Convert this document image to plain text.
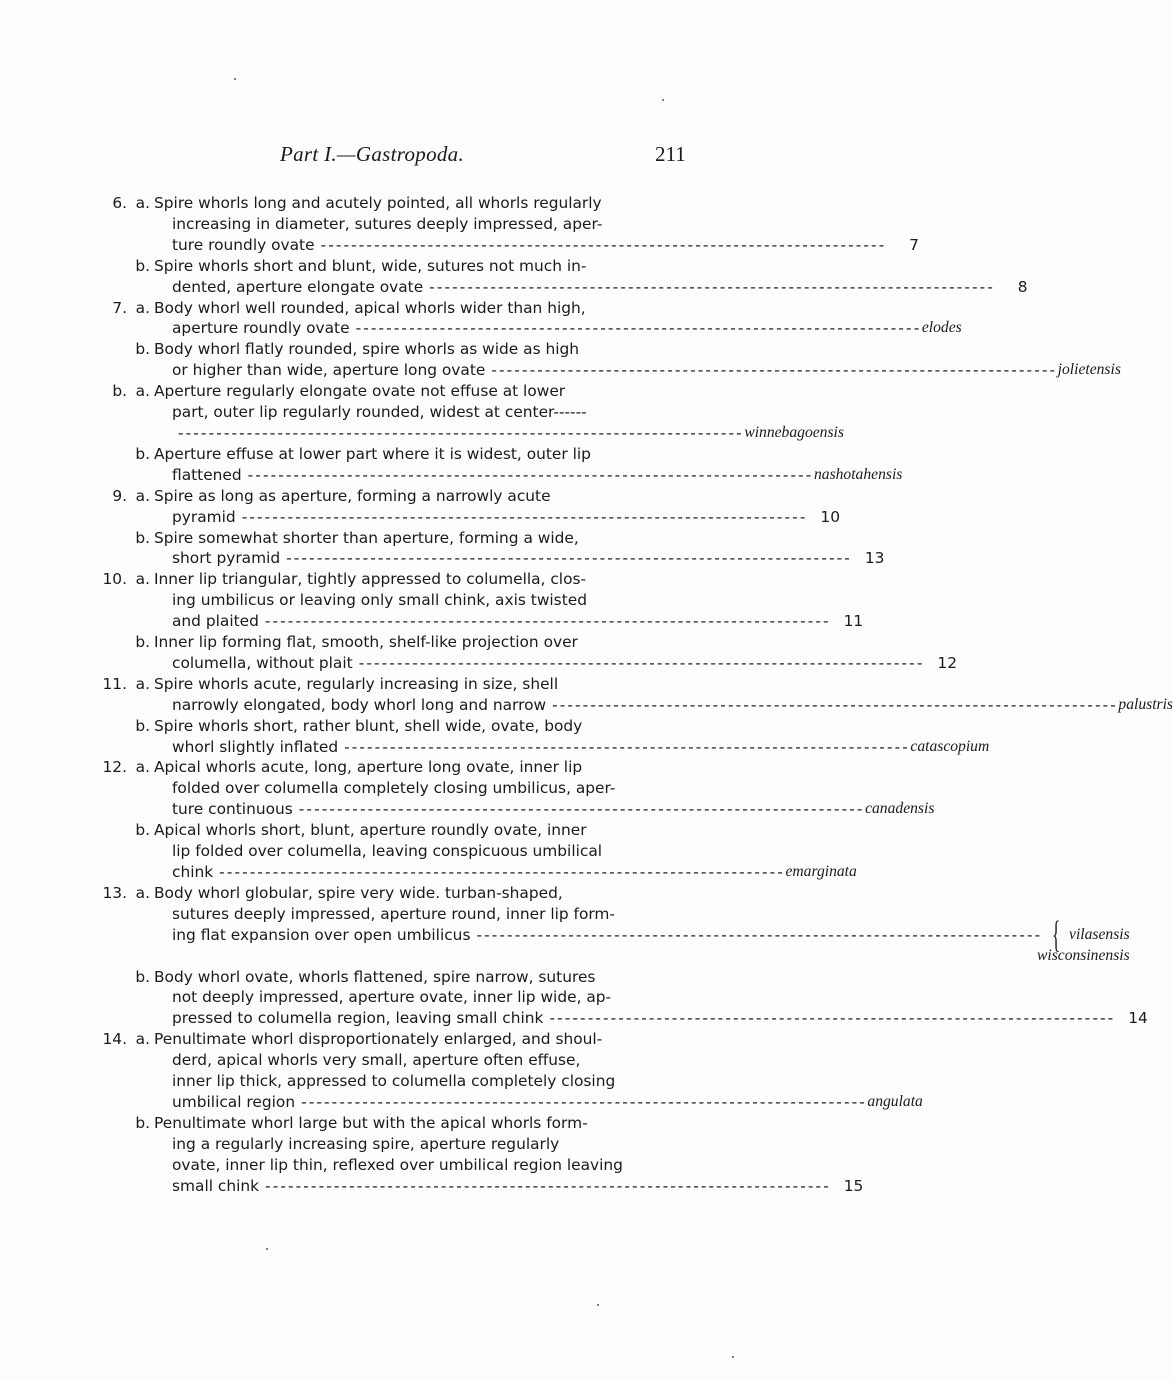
Part I.—Gastropoda.	211
6. a. Spire whorls long and acutely pointed, all whorls regularly
increasing in diameter, sutures deeply impressed, aper-
ture roundly ovate - - -	7
b. Spire whorls short and blunt, wide, sutures not much in-
dented, aperture elongate ovate - - -	8
7. a. Body whorl well rounded, apical whorls wider than high,
aperture roundly ovate - - -	elodes
b. Body whorl flatly rounded, spire whorls as wide as high
or higher than wide, aperture long ovate - - -	jolietensis
b. a. Aperture regularly elongate ovate not effuse at lower
part, outer lip regularly rounded, widest at center------
- - -
winnebagoensis
b. Aperture effuse at lower part where it is widest, outer lip
flattened - - -	nashotahensis
9. a. Spire as long as aperture, forming a narrowly acute
pyramid - - -	10
b. Spire somewhat shorter than aperture, forming a wide,
short pyramid - - -	13
10. a. Inner lip triangular, tightly appressed to columella, clos-
ing umbilicus or leaving only small chink, axis twisted
and plaited - - -	11
b. Inner lip forming flat, smooth, shelf-like projection over
columella, without plait - - -	12
11. a. Spire whorls acute, regularly increasing in size, shell
narrowly elongated, body whorl long and narrow - - -	palustris
b. Spire whorls short, rather blunt, shell wide, ovate, body
whorl slightly inflated - - -	catascopium
12. a. Apical whorls acute, long, aperture long ovate, inner lip
folded over columella completely closing umbilicus, aper-
ture continuous - - -	canadensis
b. Apical whorls short, blunt, aperture roundly ovate, inner
lip folded over columella, leaving conspicuous umbilical
chink - - -	emarginata
13. a. Body whorl globular, spire very wide. turban-shaped,
sutures deeply impressed, aperture round, inner lip form-
ing flat expansion over open umbilicus - - -	{ vilasensis
wisconsinensis
b. Body whorl ovate, whorls flattened, spire narrow, sutures
not deeply impressed, aperture ovate, inner lip wide, ap-
pressed to columella region, leaving small chink - - -	14
14. a. Penultimate whorl disproportionately enlarged, and shoul-
derd, apical whorls very small, aperture often effuse,
inner lip thick, appressed to columella completely closing
umbilical region - - -	angulata
b. Penultimate whorl large but with the apical whorls form-
ing a regularly increasing spire, aperture regularly
ovate, inner lip thin, reflexed over umbilical region leaving
small chink - - -	15
